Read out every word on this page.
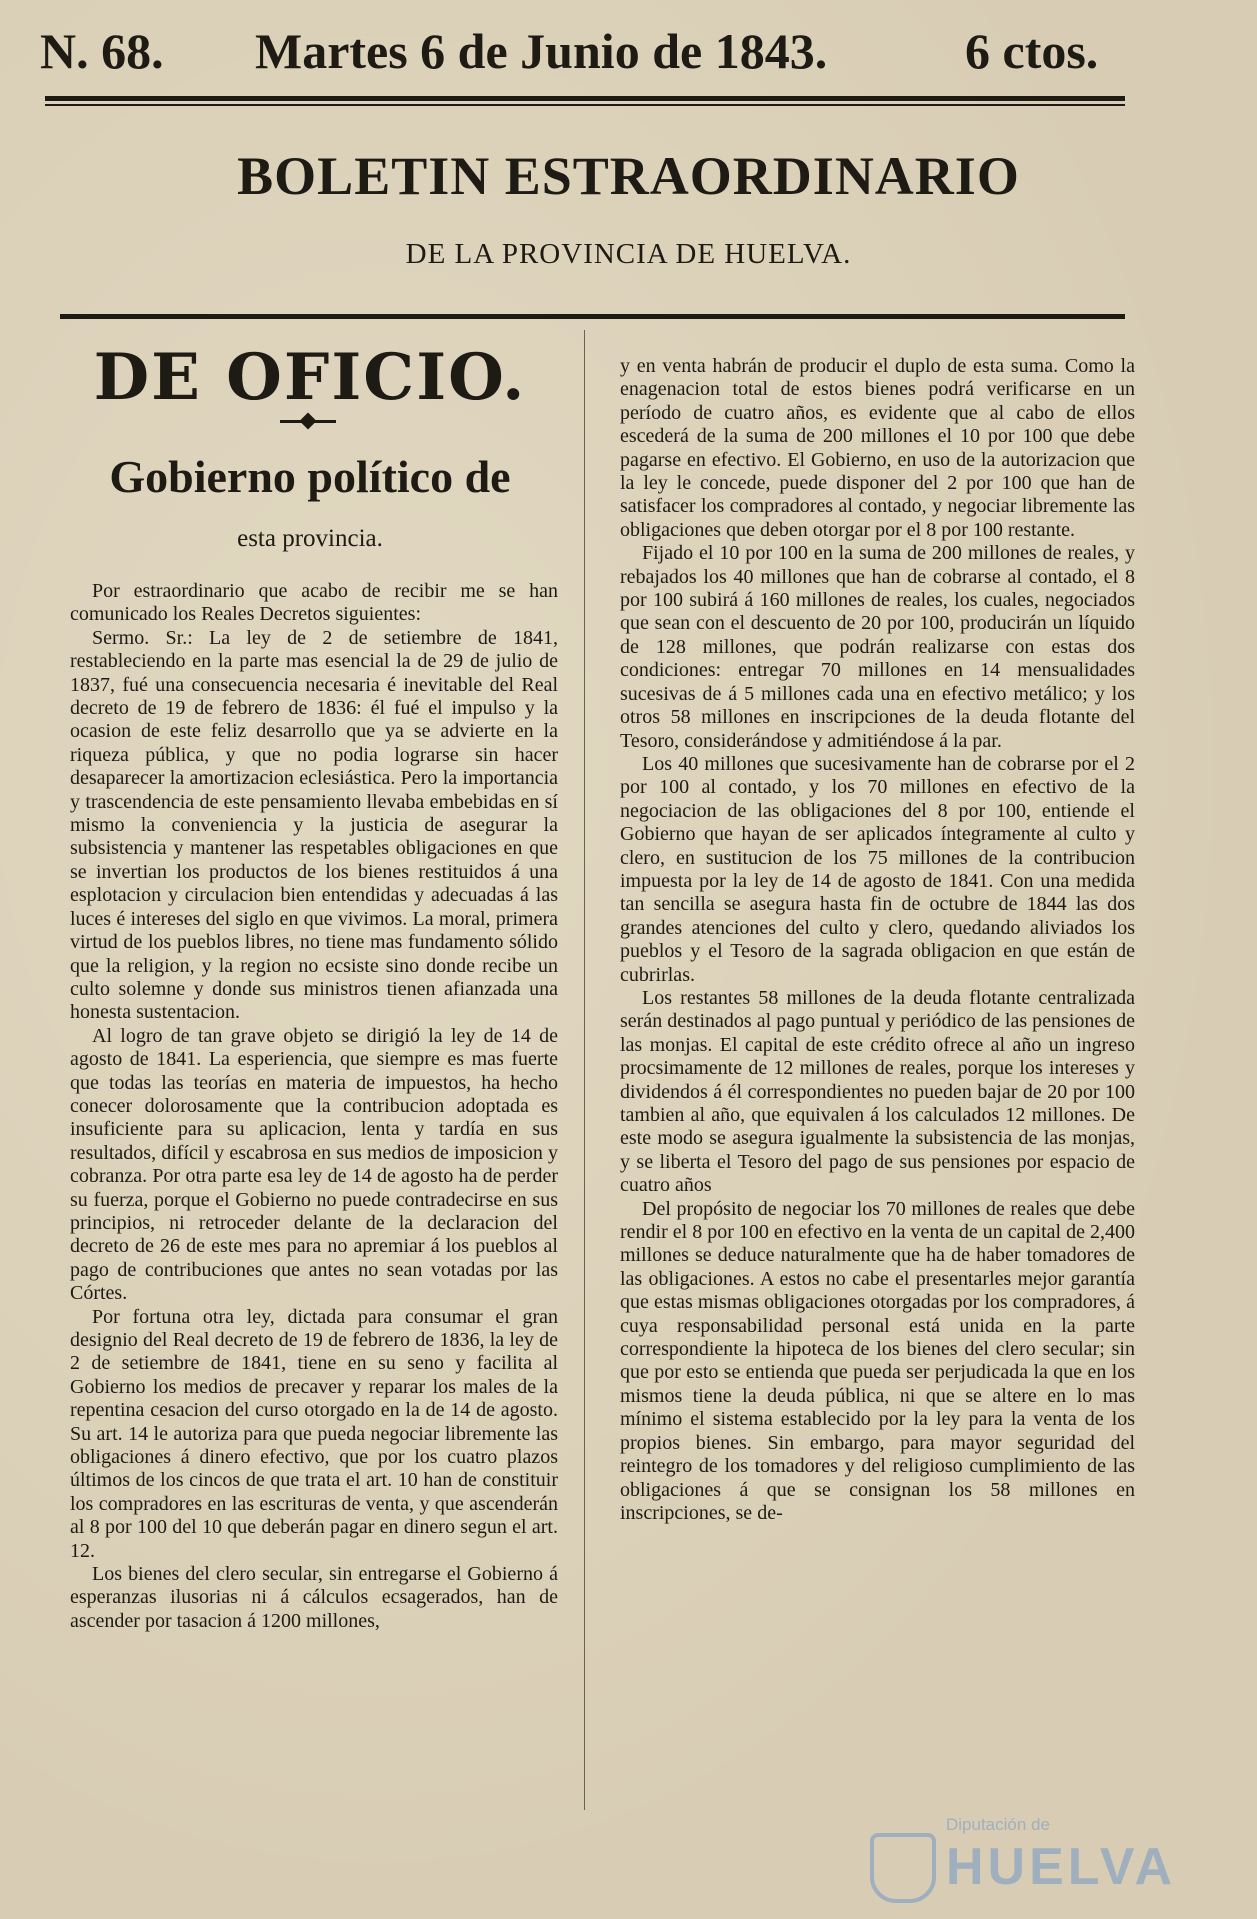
N. 68. Martes 6 de Junio de 1843.	6 ctos.
BOLETIN ESTRAORDINARIO
DE LA PROVINCIA DE HUELVA.
DE OFICIO.
Gobierno político de
esta provincia.

Por estraordinario que acabo de recibir me se han comunicado los Reales Decretos siguientes:

Sermo. Sr.: La ley de 2 de setiembre de 1841, restableciendo en la parte mas esencial la de 29 de julio de 1837, fué una consecuencia necesaria é inevitable del Real decreto de 19 de febrero de 1836: él fué el impulso y la ocasion de este feliz desarrollo que ya se advierte en la riqueza pública, y que no podia lograrse sin hacer desaparecer la amortizacion eclesiástica. Pero la importancia y trascendencia de este pensamiento llevaba embebidas en sí mismo la conveniencia y la justicia de asegurar la subsistencia y mantener las respetables obligaciones en que se invertian los productos de los bienes restituidos á una esplotacion y circulacion bien entendidas y adecuadas á las luces é intereses del siglo en que vivimos. La moral, primera virtud de los pueblos libres, no tiene mas fundamento sólido que la religion, y la region no ecsiste sino donde recibe un culto solemne y donde sus ministros tienen afianzada una honesta sustentacion.

Al logro de tan grave objeto se dirigió la ley de 14 de agosto de 1841. La esperiencia, que siempre es mas fuerte que todas las teorías en materia de impuestos, ha hecho conecer dolorosamente que la contribucion adoptada es insuficiente para su aplicacion, lenta y tardía en sus resultados, difícil y escabrosa en sus medios de imposicion y cobranza. Por otra parte esa ley de 14 de agosto ha de perder su fuerza, porque el Gobierno no puede contradecirse en sus principios, ni retroceder delante de la declaracion del decreto de 26 de este mes para no apremiar á los pueblos al pago de contribuciones que antes no sean votadas por las Córtes.

Por fortuna otra ley, dictada para consumar el gran designio del Real decreto de 19 de febrero de 1836, la ley de 2 de setiembre de 1841, tiene en su seno y facilita al Gobierno los medios de precaver y reparar los males de la repentina cesacion del curso otorgado en la de 14 de agosto. Su art. 14 le autoriza para que pueda negociar libremente las obligaciones á dinero efectivo, que por los cuatro plazos últimos de los cincos de que trata el art. 10 han de constituir los compradores en las escrituras de venta, y que ascenderán al 8 por 100 del 10 que deberán pagar en dinero segun el art. 12.

Los bienes del clero secular, sin entregarse el Gobierno á esperanzas ilusorias ni á cálculos ecsagerados, han de ascender por tasacion á 1200 millones,

y en venta habrán de producir el duplo de esta suma. Como la enagenacion total de estos bienes podrá verificarse en un período de cuatro años, es evidente que al cabo de ellos escederá de la suma de 200 millones el 10 por 100 que debe pagarse en efectivo. El Gobierno, en uso de la autorizacion que la ley le concede, puede disponer del 2 por 100 que han de satisfacer los compradores al contado, y negociar libremente las obligaciones que deben otorgar por el 8 por 100 restante.

Fijado el 10 por 100 en la suma de 200 millones de reales, y rebajados los 40 millones que han de cobrarse al contado, el 8 por 100 subirá á 160 millones de reales, los cuales, negociados que sean con el descuento de 20 por 100, producirán un líquido de 128 millones, que podrán realizarse con estas dos condiciones: entregar 70 millones en 14 mensualidades sucesivas de á 5 millones cada una en efectivo metálico; y los otros 58 millones en inscripciones de la deuda flotante del Tesoro, considerándose y admitiéndose á la par.

Los 40 millones que sucesivamente han de cobrarse por el 2 por 100 al contado, y los 70 millones en efectivo de la negociacion de las obligaciones del 8 por 100, entiende el Gobierno que hayan de ser aplicados íntegramente al culto y clero, en sustitucion de los 75 millones de la contribucion impuesta por la ley de 14 de agosto de 1841. Con una medida tan sencilla se asegura hasta fin de octubre de 1844 las dos grandes atenciones del culto y clero, quedando aliviados los pueblos y el Tesoro de la sagrada obligacion en que están de cubrirlas.

Los restantes 58 millones de la deuda flotante centralizada serán destinados al pago puntual y periódico de las pensiones de las monjas. El capital de este crédito ofrece al año un ingreso procsimamente de 12 millones de reales, porque los intereses y dividendos á él correspondientes no pueden bajar de 20 por 100 tambien al año, que equivalen á los calculados 12 millones. De este modo se asegura igualmente la subsistencia de las monjas, y se liberta el Tesoro del pago de sus pensiones por espacio de cuatro años

Del propósito de negociar los 70 millones de reales que debe rendir el 8 por 100 en efectivo en la venta de un capital de 2,400 millones se deduce naturalmente que ha de haber tomadores de las obligaciones. A estos no cabe el presentarles mejor garantía que estas mismas obligaciones otorgadas por los compradores, á cuya responsabilidad personal está unida en la parte correspondiente la hipoteca de los bienes del clero secular; sin que por esto se entienda que pueda ser perjudicada la que en los mismos tiene la deuda pública, ni que se altere en lo mas mínimo el sistema establecido por la ley para la venta de los propios bienes. Sin embargo, para mayor seguridad del reintegro de los tomadores y del religioso cumplimiento de las obligaciones á que se consignan los 58 millones en inscripciones, se de-

Diputación de
HUELVA
